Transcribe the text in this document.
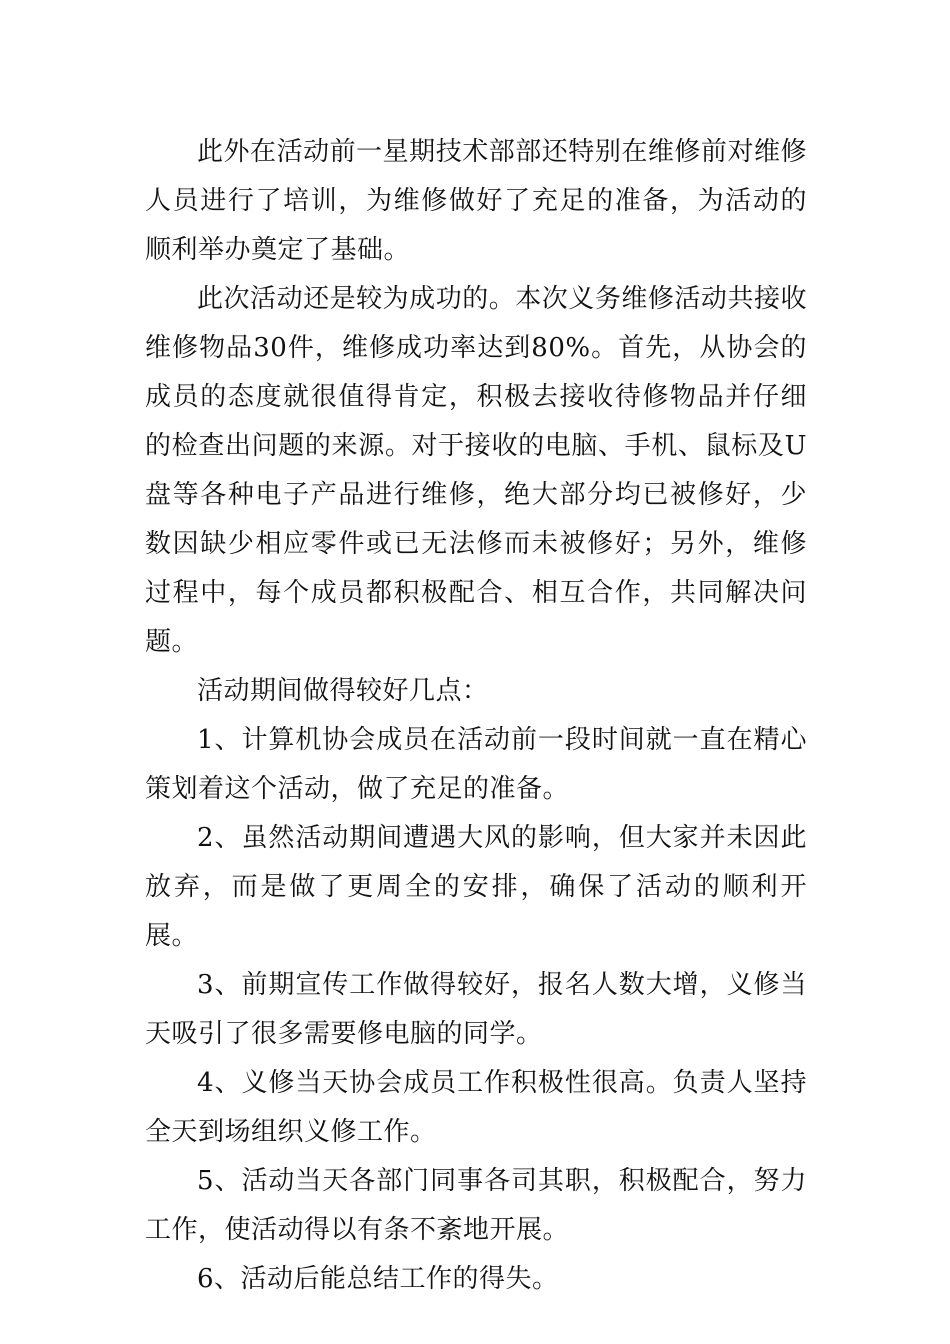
此外在活动前一星期技术部部还特别在维修前对维修人员进行了培训，为维修做好了充足的准备，为活动的顺利举办奠定了基础。

此次活动还是较为成功的。本次义务维修活动共接收维修物品30件，维修成功率达到80%。首先，从协会的成员的态度就很值得肯定，积极去接收待修物品并仔细的检查出问题的来源。对于接收的电脑、手机、鼠标及U盘等各种电子产品进行维修，绝大部分均已被修好，少数因缺少相应零件或已无法修而未被修好；另外，维修过程中，每个成员都积极配合、相互合作，共同解决问题。

活动期间做得较好几点：

1、计算机协会成员在活动前一段时间就一直在精心策划着这个活动，做了充足的准备。

2、虽然活动期间遭遇大风的影响，但大家并未因此放弃，而是做了更周全的安排，确保了活动的顺利开展。

3、前期宣传工作做得较好，报名人数大增，义修当天吸引了很多需要修电脑的同学。

4、义修当天协会成员工作积极性很高。负责人坚持全天到场组织义修工作。

5、活动当天各部门同事各司其职，积极配合，努力工作，使活动得以有条不紊地开展。

6、活动后能总结工作的得失。
